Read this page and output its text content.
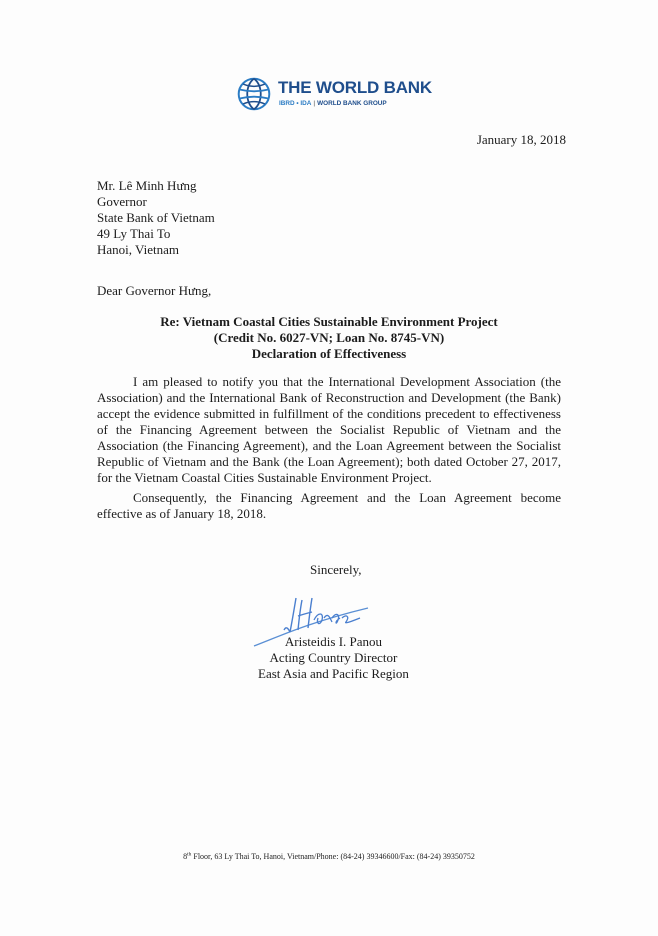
THE WORLD BANK
IBRD • IDA | WORLD BANK GROUP
January 18, 2018
Mr. Lê Minh Hưng
Governor
State Bank of Vietnam
49 Ly Thai To
Hanoi, Vietnam
Dear Governor Hưng,
Re: Vietnam Coastal Cities Sustainable Environment Project
(Credit No. 6027-VN; Loan No. 8745-VN)
Declaration of Effectiveness
I am pleased to notify you that the International Development Association (the Association) and the International Bank of Reconstruction and Development (the Bank) accept the evidence submitted in fulfillment of the conditions precedent to effectiveness of the Financing Agreement between the Socialist Republic of Vietnam and the Association (the Financing Agreement), and the Loan Agreement between the Socialist Republic of Vietnam and the Bank (the Loan Agreement); both dated October 27, 2017, for the Vietnam Coastal Cities Sustainable Environment Project.
Consequently, the Financing Agreement and the Loan Agreement become effective as of January 18, 2018.
Sincerely,
Aristeidis I. Panou
Acting Country Director
East Asia and Pacific Region
8th Floor, 63 Ly Thai To, Hanoi, Vietnam/Phone: (84-24) 39346600/Fax: (84-24) 39350752
